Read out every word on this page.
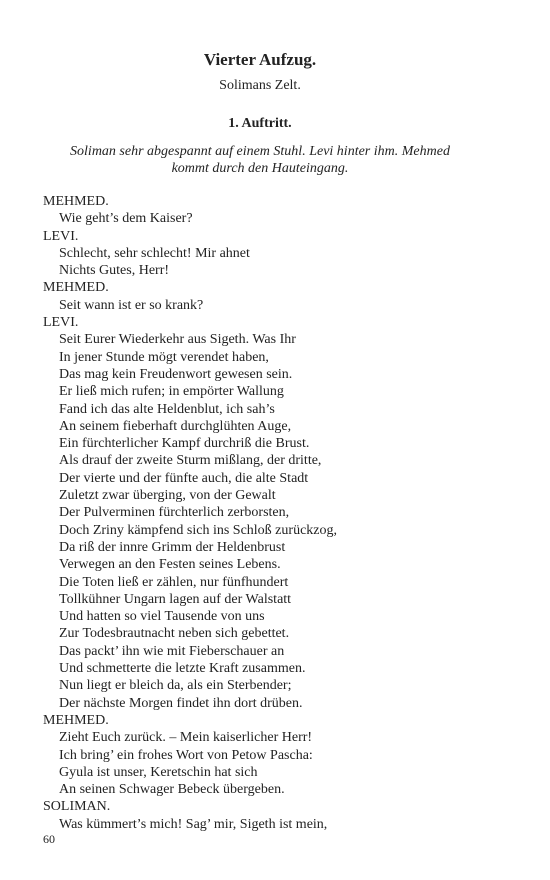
Vierter Aufzug.
Solimans Zelt.
1. Auftritt.
Soliman sehr abgespannt auf einem Stuhl. Levi hinter ihm. Mehmed kommt durch den Hauteingang.
MEHMED.
Wie geht’s dem Kaiser?
LEVI.
Schlecht, sehr schlecht! Mir ahnet
Nichts Gutes, Herr!
MEHMED.
Seit wann ist er so krank?
LEVI.
Seit Eurer Wiederkehr aus Sigeth. Was Ihr
In jener Stunde mögt verendet haben,
Das mag kein Freudenwort gewesen sein.
Er ließ mich rufen; in empörter Wallung
Fand ich das alte Heldenblut, ich sah’s
An seinem fieberhaft durchglühten Auge,
Ein fürchterlicher Kampf durchriß die Brust.
Als drauf der zweite Sturm mißlang, der dritte,
Der vierte und der fünfte auch, die alte Stadt
Zuletzt zwar überging, von der Gewalt
Der Pulverminen fürchterlich zerborsten,
Doch Zriny kämpfend sich ins Schloß zurückzog,
Da riß der innre Grimm der Heldenbrust
Verwegen an den Festen seines Lebens.
Die Toten ließ er zählen, nur fünfhundert
Tollkühner Ungarn lagen auf der Walstatt
Und hatten so viel Tausende von uns
Zur Todesbrautnacht neben sich gebettet.
Das packt’ ihn wie mit Fieberschauer an
Und schmetterte die letzte Kraft zusammen.
Nun liegt er bleich da, als ein Sterbender;
Der nächste Morgen findet ihn dort drüben.
MEHMED.
Zieht Euch zurück. – Mein kaiserlicher Herr!
Ich bring’ ein frohes Wort von Petow Pascha:
Gyula ist unser, Keretschin hat sich
An seinen Schwager Bebeck übergeben.
SOLIMAN.
Was kümmert’s mich! Sag’ mir, Sigeth ist mein,
60
